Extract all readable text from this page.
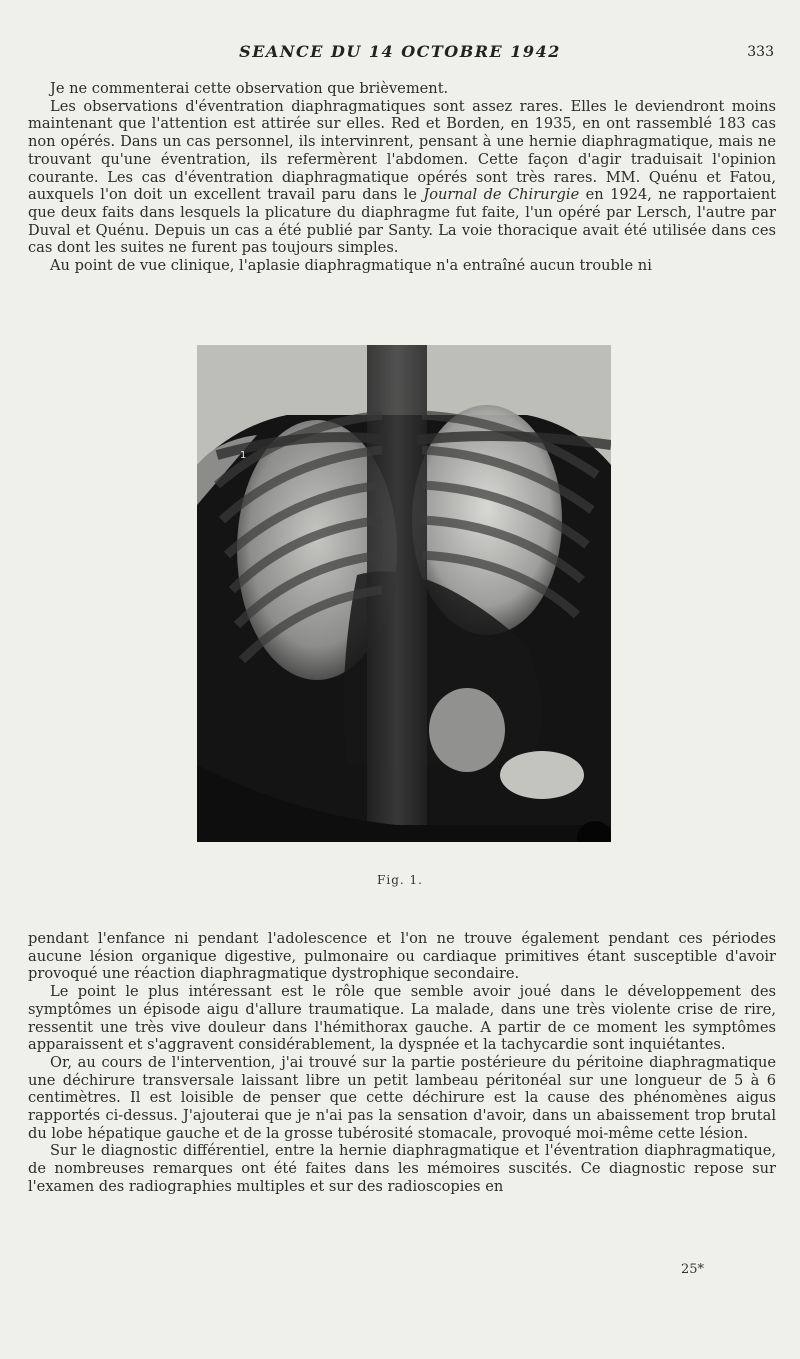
SEANCE DU 14 OCTOBRE 1942	333

Je ne commenterai cette observation que brièvement.

Les observations d'éventration diaphragmatiques sont assez rares. Elles le deviendront moins maintenant que l'attention est attirée sur elles. Red et Borden, en 1935, en ont rassemblé 183 cas non opérés. Dans un cas personnel, ils intervinrent, pensant à une hernie diaphragmatique, mais ne trouvant qu'une éventration, ils refermèrent l'abdomen. Cette façon d'agir traduisait l'opinion courante. Les cas d'éventration diaphragmatique opérés sont très rares. MM. Quénu et Fatou, auxquels l'on doit un excellent travail paru dans le Journal de Chirurgie en 1924, ne rapportaient que deux faits dans lesquels la plicature du diaphragme fut faite, l'un opéré par Lersch, l'autre par Duval et Quénu. Depuis un cas a été publié par Santy. La voie thoracique avait été utilisée dans ces cas dont les suites ne furent pas toujours simples.

Au point de vue clinique, l'aplasie diaphragmatique n'a entraîné aucun trouble ni

1
Fig. 1.

pendant l'enfance ni pendant l'adolescence et l'on ne trouve également pendant ces périodes aucune lésion organique digestive, pulmonaire ou cardiaque primitives étant susceptible d'avoir provoqué une réaction diaphragmatique dystrophique secondaire.

Le point le plus intéressant est le rôle que semble avoir joué dans le développement des symptômes un épisode aigu d'allure traumatique. La malade, dans une très violente crise de rire, ressentit une très vive douleur dans l'hémithorax gauche. A partir de ce moment les symptômes apparaissent et s'aggravent considérablement, la dyspnée et la tachycardie sont inquiétantes.

Or, au cours de l'intervention, j'ai trouvé sur la partie postérieure du péritoine diaphragmatique une déchirure transversale laissant libre un petit lambeau péritonéal sur une longueur de 5 à 6 centimètres. Il est loisible de penser que cette déchirure est la cause des phénomènes aigus rapportés ci-dessus. J'ajouterai que je n'ai pas la sensation d'avoir, dans un abaissement trop brutal du lobe hépatique gauche et de la grosse tubérosité stomacale, provoqué moi-même cette lésion.

Sur le diagnostic différentiel, entre la hernie diaphragmatique et l'éventration diaphragmatique, de nombreuses remarques ont été faites dans les mémoires suscités. Ce diagnostic repose sur l'examen des radiographies multiples et sur des radioscopies en

25*
